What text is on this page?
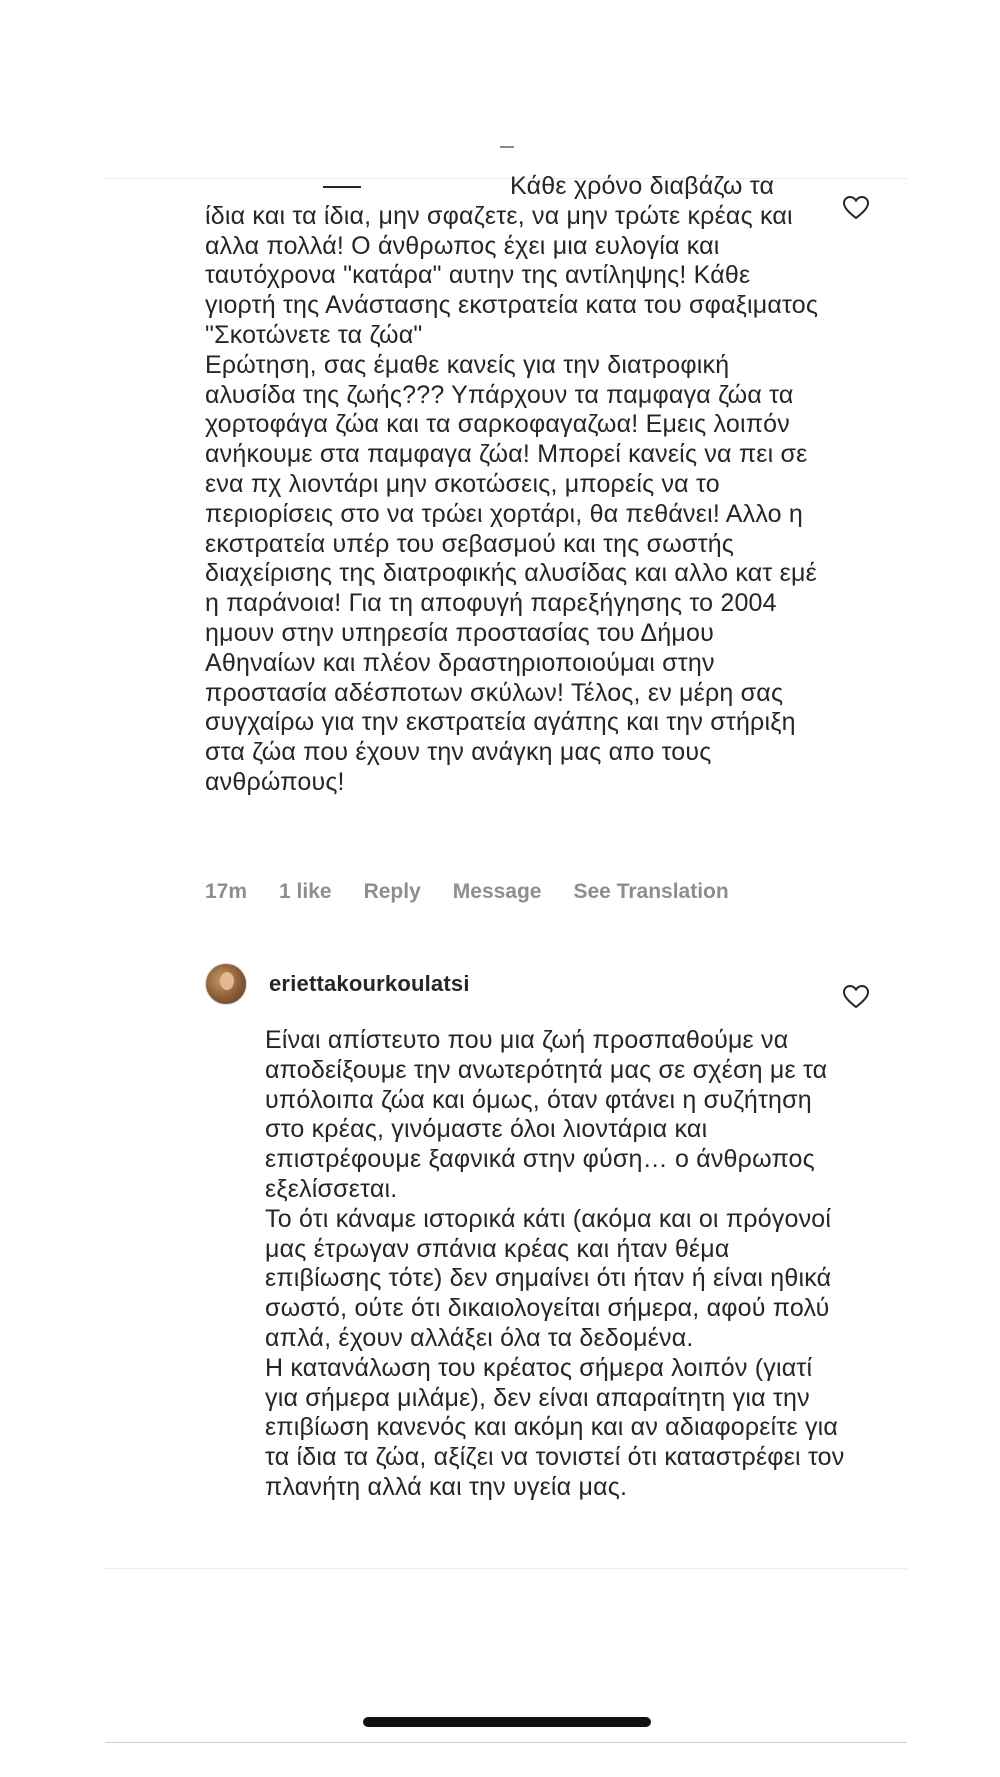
Κάθε χρόνο διαβάζω τα
ίδια και τα ίδια, μην σφαζετε, να μην τρώτε κρέας και αλλα πολλά! Ο άνθρωπος έχει μια ευλογία και ταυτόχρονα "κατάρα" αυτην της αντίληψης! Κάθε γιορτή της Ανάστασης εκστρατεία κατα του σφαξιματος "Σκοτώνετε τα ζώα"
Ερώτηση, σας έμαθε κανείς για την διατροφική αλυσίδα της ζωής??? Υπάρχουν τα παμφαγα ζώα τα χορτοφάγα ζώα και τα σαρκοφαγαζωα! Εμεις λοιπόν ανήκουμε στα παμφαγα ζώα! Μπορεί κανείς να πει σε ενα πχ λιοντάρι μην σκοτώσεις, μπορείς να το περιορίσεις στο να τρώει χορτάρι, θα πεθάνει! Αλλο η εκστρατεία υπέρ του σεβασμού και της σωστής διαχείρισης της διατροφικής αλυσίδας και αλλο κατ εμέ η παράνοια! Για τη αποφυγή παρεξήγησης το 2004 ημουν στην υπηρεσία προστασίας του Δήμου Αθηναίων και πλέον δραστηριοποιούμαι στην προστασία αδέσποτων σκύλων! Τέλος, εν μέρη σας συγχαίρω για την εκστρατεία αγάπης και την στήριξη στα ζώα που έχουν την ανάγκη μας απο τους ανθρώπους!
17m 1 like Reply Message See Translation
eriettakourkoulatsi
Είναι απίστευτο που μια ζωή προσπαθούμε να αποδείξουμε την ανωτερότητά μας σε σχέση με τα υπόλοιπα ζώα και όμως, όταν φτάνει η συζήτηση στο κρέας, γινόμαστε όλοι λιοντάρια και επιστρέφουμε ξαφνικά στην φύση… ο άνθρωπος εξελίσσεται.
Το ότι κάναμε ιστορικά κάτι (ακόμα και οι πρόγονοί μας έτρωγαν σπάνια κρέας και ήταν θέμα επιβίωσης τότε) δεν σημαίνει ότι ήταν ή είναι ηθικά σωστό, ούτε ότι δικαιολογείται σήμερα, αφού πολύ απλά, έχουν αλλάξει όλα τα δεδομένα.
Η κατανάλωση του κρέατος σήμερα λοιπόν (γιατί για σήμερα μιλάμε), δεν είναι απαραίτητη για την επιβίωση κανενός και ακόμη και αν αδιαφορείτε για τα ίδια τα ζώα, αξίζει να τονιστεί ότι καταστρέφει τον πλανήτη αλλά και την υγεία μας.
